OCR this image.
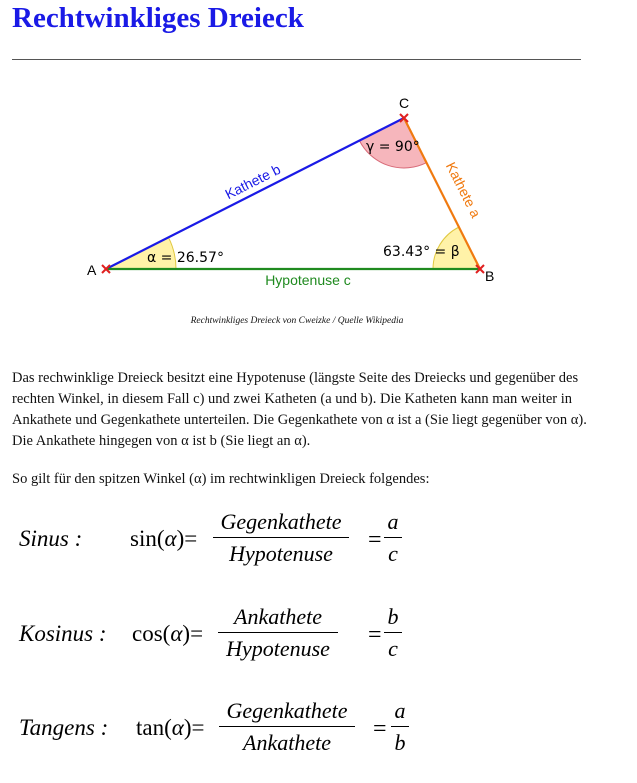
Rechtwinkliges Dreieck
A	B
C
Kathete b	Kathete a
Hypotenuse c
α = 26.57°	63.43° = β
γ = 90°
Rechtwinkliges Dreieck von Cweizke / Quelle Wikipedia

Das rechwinklige Dreieck besitzt eine Hypotenuse (längste Seite des Dreiecks und gegenüber des rechten Winkel, in diesem Fall c) und zwei Katheten (a und b). Die Katheten kann man weiter in Ankathete und Gegenkathete unterteilen. Die Gegenkathete von α ist a (Sie liegt gegenüber von α). Die Ankathete hingegen von α ist b (Sie liegt an α).

So gilt für den spitzen Winkel (α) im rechtwinkligen Dreieck folgendes:

Sinus : sin(α)=
Gegenkathete
Hypotenuse
=
a
c
Kosinus : cos(α)=
Ankathete
Hypotenuse
=
b
c
Tangens : tan(α)=
Gegenkathete
Ankathete
=
a
b
